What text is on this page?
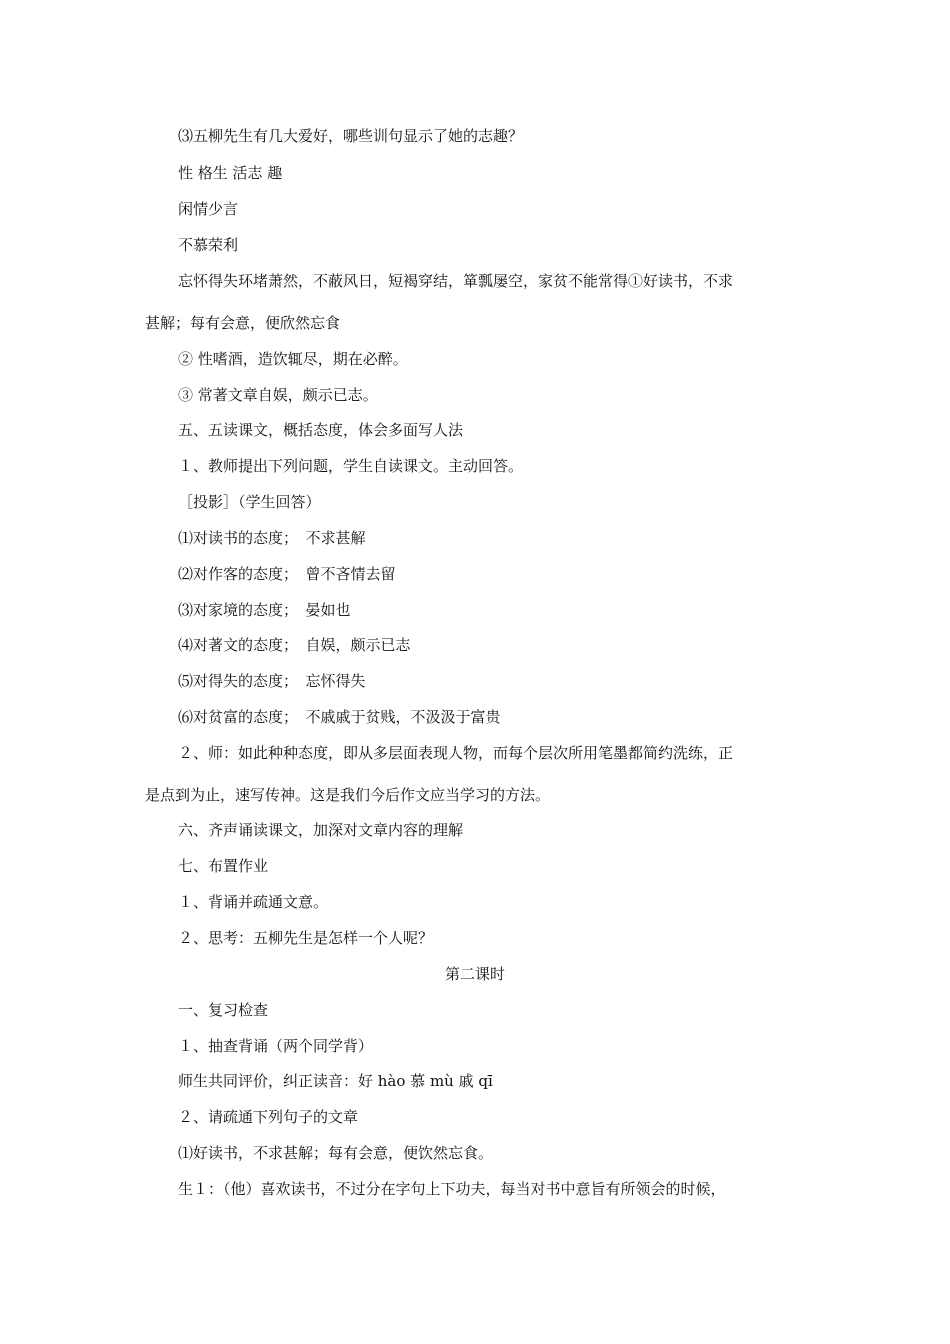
⑶五柳先生有几大爱好，哪些训句显示了她的志趣？
性 格生 活志 趣
闲情少言
不慕荣利
忘怀得失环堵萧然，不蔽风日，短褐穿结，箪瓢屡空，家贫不能常得①好读书，不求
甚解；每有会意，便欣然忘食
② 性嗜酒，造饮辄尽，期在必醉。
③ 常著文章自娱，颇示已志。
五、五读课文，概括态度，体会多面写人法
１、教师提出下列问题，学生自读课文。主动回答。
［投影］（学生回答）
⑴对读书的态度；　不求甚解
⑵对作客的态度；　曾不吝情去留
⑶对家境的态度；　晏如也
⑷对著文的态度；　自娱，颇示已志
⑸对得失的态度；　忘怀得失
⑹对贫富的态度；　不戚戚于贫贱，不汲汲于富贵
２、师：如此种种态度，即从多层面表现人物，而每个层次所用笔墨都简约洗练，正
是点到为止，速写传神。这是我们今后作文应当学习的方法。
六、齐声诵读课文，加深对文章内容的理解
七、布置作业
１、背诵并疏通文意。
２、思考：五柳先生是怎样一个人呢？
第二课时
一、复习检查
１、抽查背诵（两个同学背）
师生共同评价，纠正读音：好 hào 慕 mù 戚 qī
２、请疏通下列句子的文章
⑴好读书，不求甚解；每有会意，便饮然忘食。
生１：（他）喜欢读书，不过分在字句上下功夫，每当对书中意旨有所领会的时候，
